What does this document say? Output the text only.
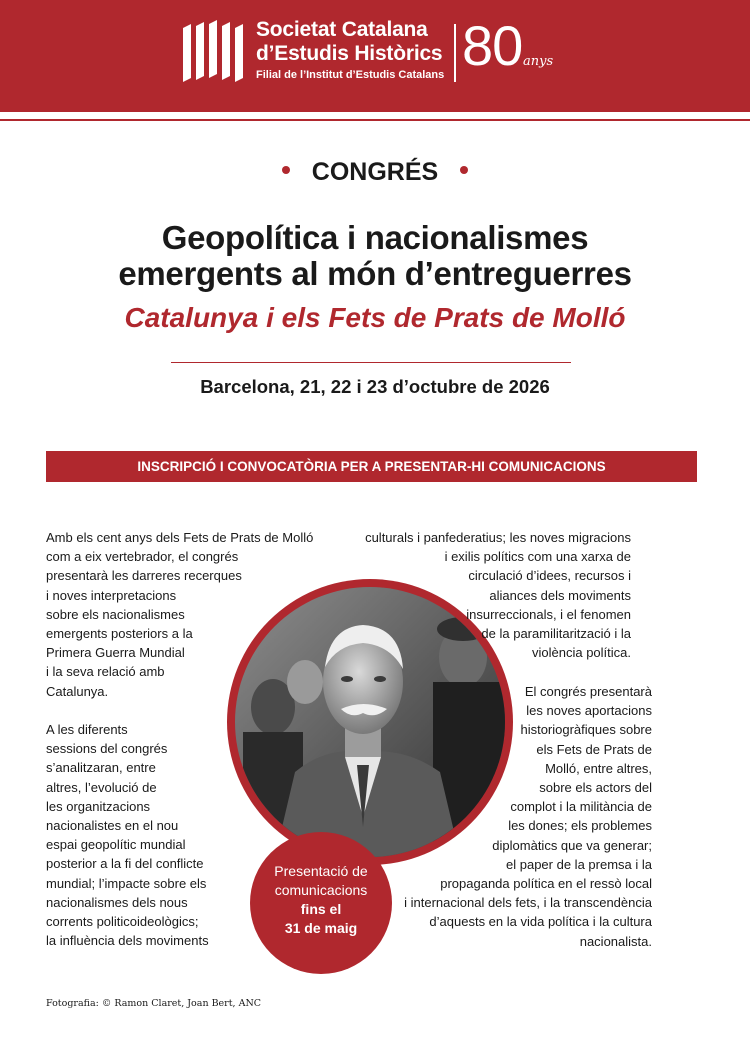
Societat Catalana
d’Estudis Històrics
Filial de l’Institut d’Estudis Catalans 80 anys
CONGRÉS
Geopolítica i nacionalismes
emergents al món d’entreguerres
Catalunya i els Fets de Prats de Molló
Barcelona, 21, 22 i 23 d’octubre de 2026
INSCRIPCIÓ I CONVOCATÒRIA PER A PRESENTAR-HI COMUNICACIONS
Amb els cent anys dels Fets de Prats de Molló
com a eix vertebrador, el congrés
presentarà les darreres recerques
i noves interpretacions
sobre els nacionalismes
emergents posteriors a la
Primera Guerra Mundial
i la seva relació amb
Catalunya.
A les diferents
sessions del congrés
s’analitzaran, entre
altres, l’evolució de
les organitzacions
nacionalistes en el nou
espai geopolític mundial
posterior a la fi del conflicte
mundial; l’impacte sobre els
nacionalismes dels nous
corrents politicoideològics;
la influència dels moviments
culturals i panfederatius; les noves migracions
i exilis polítics com una xarxa de
circulació d’idees, recursos i
aliances dels moviments
insurreccionals, i el fenomen
de la paramilitarització i la
violència política.
El congrés presentarà
les noves aportacions
historiogràfiques sobre
els Fets de Prats de
Molló, entre altres,
sobre els actors del
complot i la militància de
les dones; els problemes
diplomàtics que va generar;
el paper de la premsa i la
propaganda política en el ressò local
i internacional dels fets, i la transcendència
d’aquests en la vida política i la cultura
nacionalista.
Presentació de
comunicacions
fins el
31 de maig
Fotografia: © Ramon Claret, Joan Bert, ANC
